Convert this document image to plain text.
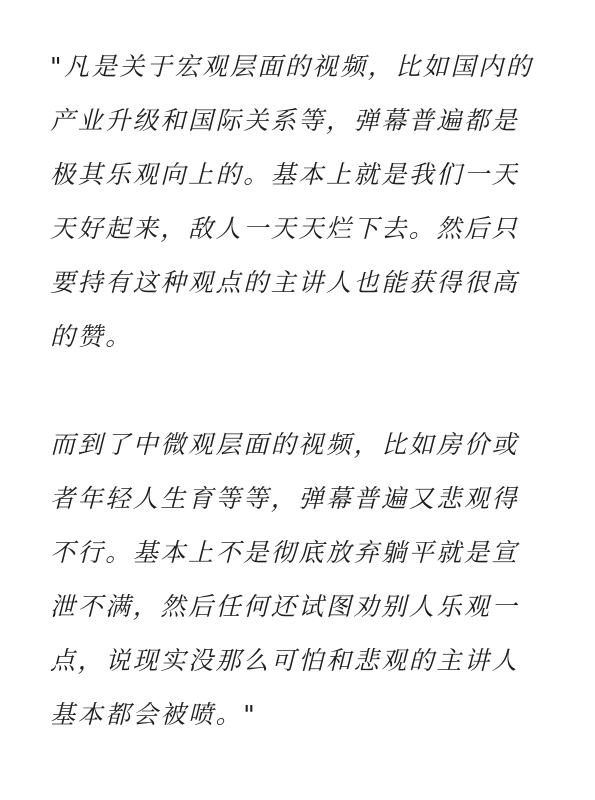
"凡是关于宏观层面的视频，比如国内的
产业升级和国际关系等，弹幕普遍都是
极其乐观向上的。基本上就是我们一天
天好起来，敌人一天天烂下去。然后只
要持有这种观点的主讲人也能获得很高
的赞。

而到了中微观层面的视频，比如房价或
者年轻人生育等等，弹幕普遍又悲观得
不行。基本上不是彻底放弃躺平就是宣
泄不满，然后任何还试图劝别人乐观一
点，说现实没那么可怕和悲观的主讲人
基本都会被喷。"
